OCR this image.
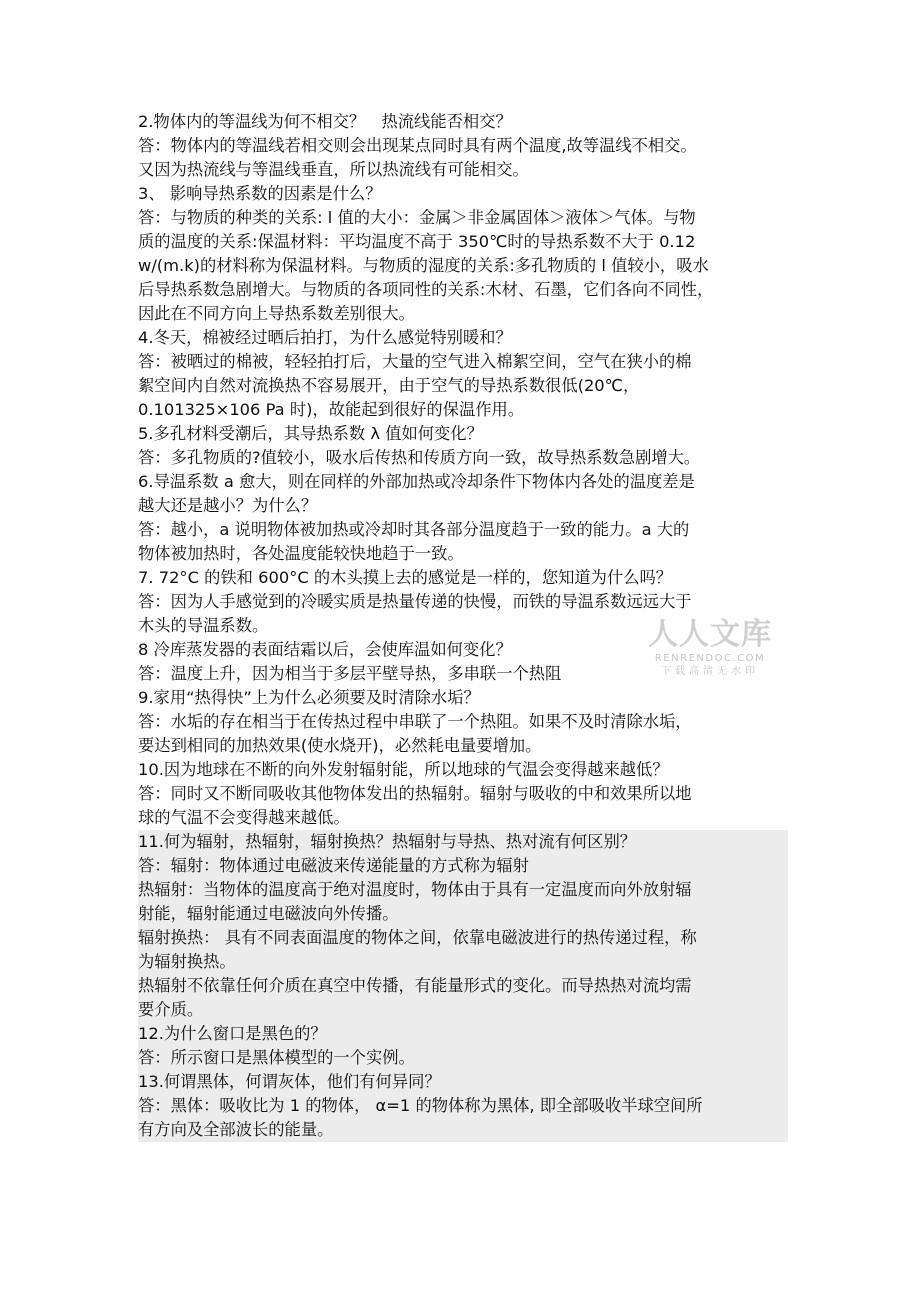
2.物体内的等温线为何不相交？　热流线能否相交？
答：物体内的等温线若相交则会出现某点同时具有两个温度,故等温线不相交。
又因为热流线与等温线垂直，所以热流线有可能相交。
3、 影响导热系数的因素是什么？
答：与物质的种类的关系: l 值的大小：金属＞非金属固体＞液体＞气体。与物
质的温度的关系:保温材料：平均温度不高于 350℃时的导热系数不大于 0.12
w/(m.k)的材料称为保温材料。与物质的湿度的关系:多孔物质的 l 值较小，吸水
后导热系数急剧增大。与物质的各项同性的关系:木材、石墨，它们各向不同性，
因此在不同方向上导热系数差别很大。
4.冬天，棉被经过晒后拍打，为什么感觉特别暖和？
答：被晒过的棉被，轻轻拍打后，大量的空气进入棉絮空间，空气在狭小的棉
絮空间内自然对流换热不容易展开，由于空气的导热系数很低(20℃，
0.101325×106 Pa 时)，故能起到很好的保温作用。
5.多孔材料受潮后，其导热系数 λ 值如何变化？
答：多孔物质的?值较小，吸水后传热和传质方向一致，故导热系数急剧增大。
6.导温系数 a 愈大，则在同样的外部加热或冷却条件下物体内各处的温度差是
越大还是越小？为什么？
答：越小，a 说明物体被加热或冷却时其各部分温度趋于一致的能力。a 大的
物体被加热时，各处温度能较快地趋于一致。
7. 72°C 的铁和 600°C 的木头摸上去的感觉是一样的，您知道为什么吗？
答：因为人手感觉到的冷暖实质是热量传递的快慢，而铁的导温系数远远大于
木头的导温系数。
8 冷库蒸发器的表面结霜以后，会使库温如何变化？
答：温度上升，因为相当于多层平壁导热，多串联一个热阻
9.家用“热得快”上为什么必须要及时清除水垢？
答：水垢的存在相当于在传热过程中串联了一个热阻。如果不及时清除水垢，
要达到相同的加热效果(使水烧开)，必然耗电量要增加。
10.因为地球在不断的向外发射辐射能，所以地球的气温会变得越来越低？
答：同时又不断同吸收其他物体发出的热辐射。辐射与吸收的中和效果所以地
球的气温不会变得越来越低。
11.何为辐射，热辐射，辐射换热？热辐射与导热、热对流有何区别？
答：辐射：物体通过电磁波来传递能量的方式称为辐射
热辐射：当物体的温度高于绝对温度时，物体由于具有一定温度而向外放射辐
射能，辐射能通过电磁波向外传播。
辐射换热： 具有不同表面温度的物体之间，依靠电磁波进行的热传递过程，称
为辐射换热。
热辐射不依靠任何介质在真空中传播，有能量形式的变化。而导热热对流均需
要介质。
12.为什么窗口是黑色的？
答：所示窗口是黑体模型的一个实例。
13.何谓黑体，何谓灰体，他们有何异同？
答：黑体：吸收比为 1 的物体， α=1 的物体称为黑体, 即全部吸收半球空间所
有方向及全部波长的能量。
人人文库
RENRENDOC.COM
下载高清无水印
